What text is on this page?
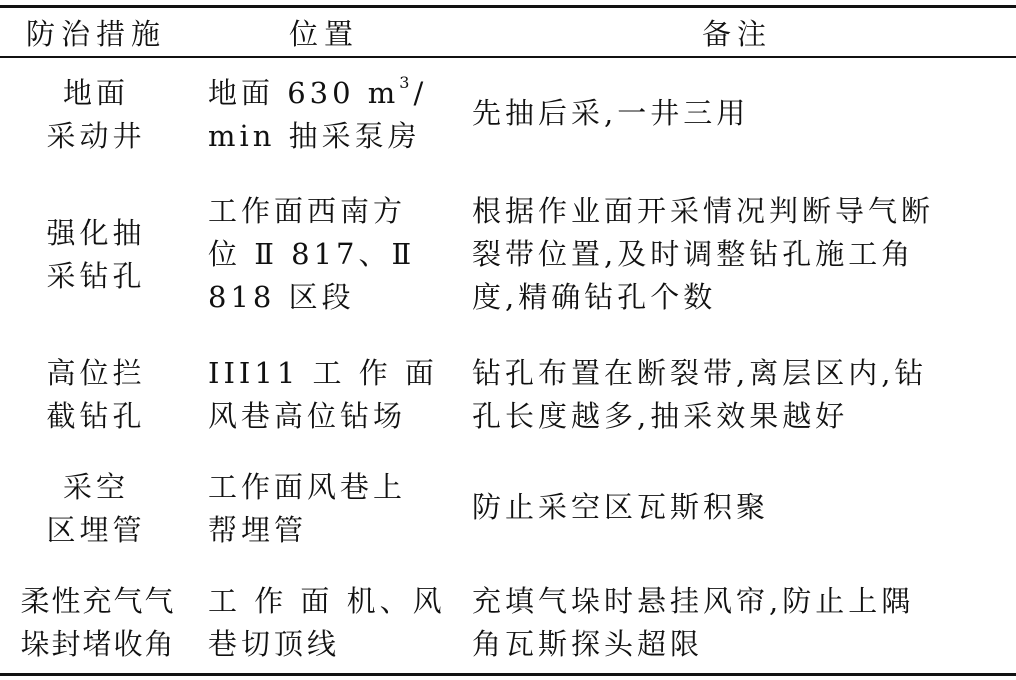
防治措施	位置	备注
地面
采动井
地面 630 $m^3/$
min 抽采泵房
先抽后采,一井三用
强化抽
采钻孔
工作面西南方
位 Ⅱ 817、Ⅱ
818 区段
根据作业面开采情况判断导气断
裂带位置,及时调整钻孔施工角
度,精确钻孔个数
高位拦
截钻孔
III11 工 作 面
风巷高位钻场
钻孔布置在断裂带,离层区内,钻
孔长度越多,抽采效果越好
采空
区埋管
工作面风巷上
帮埋管
防止采空区瓦斯积聚
柔性充气气
垛封堵收角
工 作 面 机、风
巷切顶线
充填气垛时悬挂风帘,防止上隅
角瓦斯探头超限
